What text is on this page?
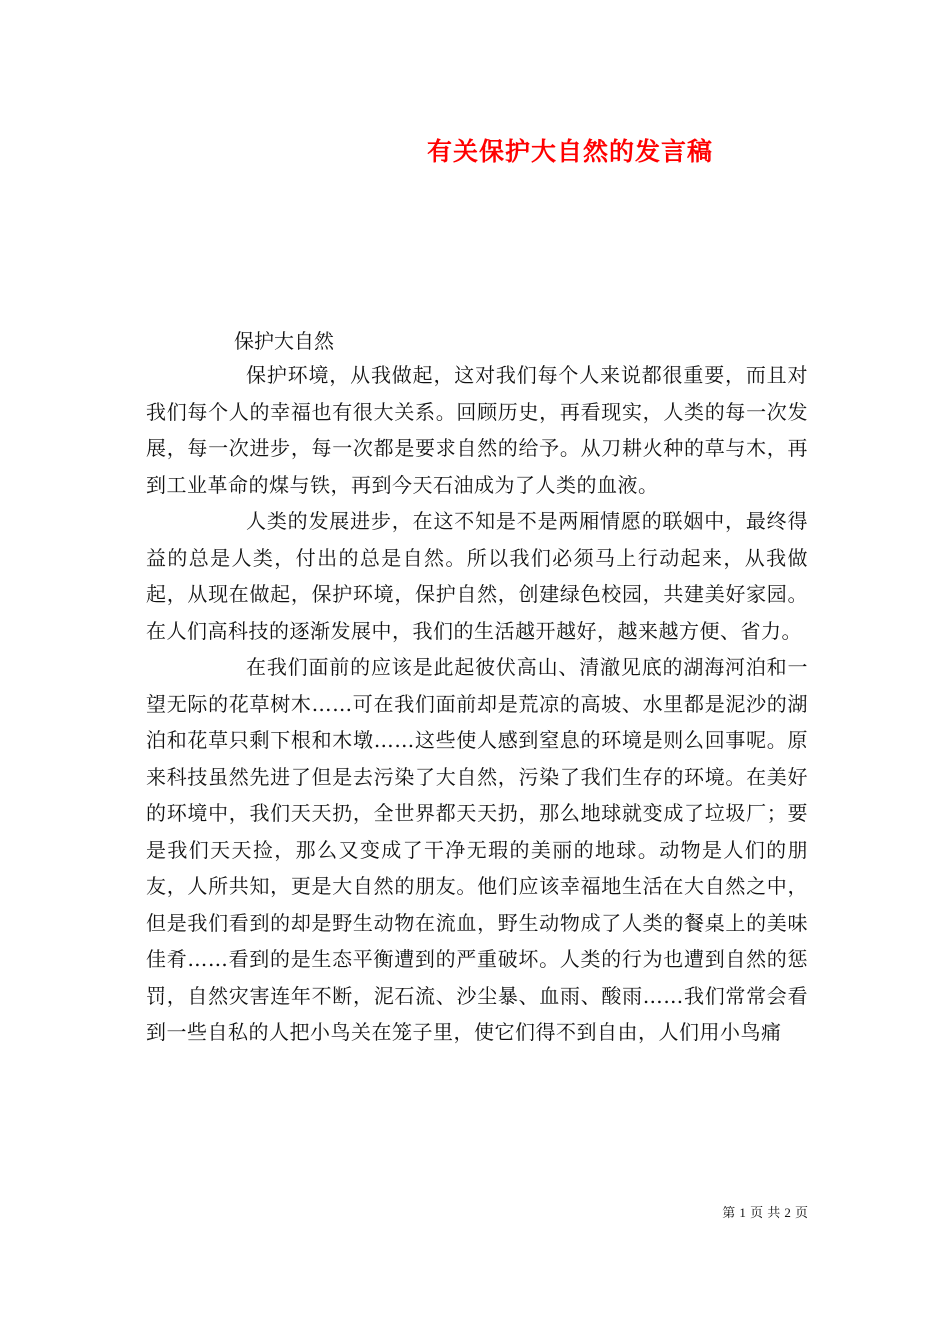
有关保护大自然的发言稿
保护大自然

保护环境，从我做起，这对我们每个人来说都很重要，而且对我们每个人的幸福也有很大关系。回顾历史，再看现实，人类的每一次发展，每一次进步，每一次都是要求自然的给予。从刀耕火种的草与木，再到工业革命的煤与铁，再到今天石油成为了人类的血液。

人类的发展进步，在这不知是不是两厢情愿的联姻中，最终得益的总是人类，付出的总是自然。所以我们必须马上行动起来，从我做起，从现在做起，保护环境，保护自然，创建绿色校园，共建美好家园。在人们高科技的逐渐发展中，我们的生活越开越好，越来越方便、省力。

在我们面前的应该是此起彼伏高山、清澈见底的湖海河泊和一望无际的花草树木……可在我们面前却是荒凉的高坡、水里都是泥沙的湖泊和花草只剩下根和木墩……这些使人感到窒息的环境是则么回事呢。原来科技虽然先进了但是去污染了大自然，污染了我们生存的环境。在美好的环境中，我们天天扔，全世界都天天扔，那么地球就变成了垃圾厂；要是我们天天捡，那么又变成了干净无瑕的美丽的地球。动物是人们的朋友，人所共知，更是大自然的朋友。他们应该幸福地生活在大自然之中，但是我们看到的却是野生动物在流血，野生动物成了人类的餐桌上的美味佳肴……看到的是生态平衡遭到的严重破坏。人类的行为也遭到自然的惩罚，自然灾害连年不断，泥石流、沙尘暴、血雨、酸雨……我们常常会看到一些自私的人把小鸟关在笼子里，使它们得不到自由，人们用小鸟痛

第 1 页 共 2 页
